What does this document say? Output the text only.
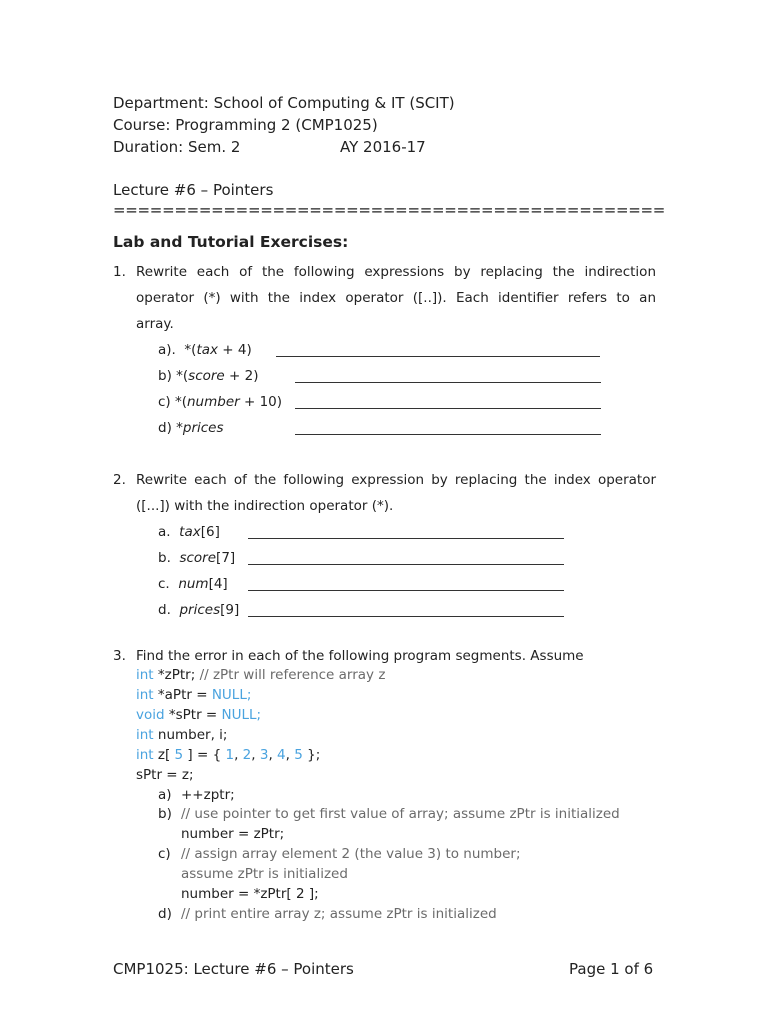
Department: School of Computing & IT (SCIT)
Course: Programming 2 (CMP1025)
Duration: Sem. 2	AY 2016-17
Lecture #6 – Pointers
=============================================
Lab and Tutorial Exercises:
1. Rewrite each of the following expressions by replacing the indirection
operator (*) with the index operator ([..]). Each identifier refers to an
array.
a).  *(tax + 4)
b) *(score + 2)
c) *(number + 10)
d) *prices
2. Rewrite each of the following expression by replacing the index operator
([...]) with the indirection operator (*).
a. tax[6]
b. score[7]
c. num[4]
d. prices[9]
3. Find the error in each of the following program segments. Assume
int *zPtr; // zPtr will reference array z
int *aPtr = NULL;
void *sPtr = NULL;
int number, i;
int z[ 5 ] = { 1, 2, 3, 4, 5 };
sPtr = z;
a) ++zptr;
b) // use pointer to get first value of array; assume zPtr is initialized
number = zPtr;
c) // assign array element 2 (the value 3) to number;
assume zPtr is initialized
number = *zPtr[ 2 ];
d) // print entire array z; assume zPtr is initialized
CMP1025: Lecture #6 – Pointers	Page 1 of 6
